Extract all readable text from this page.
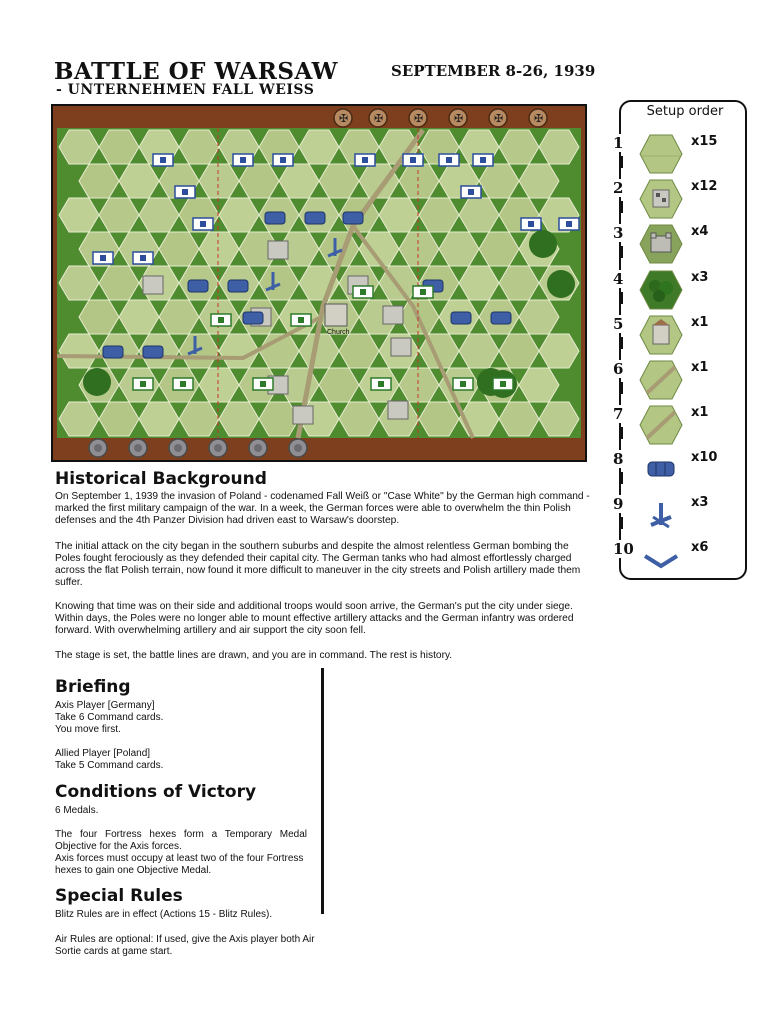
BATTLE OF WARSAW
- UNTERNEHMEN FALL WEISS
SEPTEMBER 8-26, 1939
✠ ✠	✠	✠	✠	✠
Church
Historical Background
On September 1, 1939 the invasion of Poland - codenamed Fall Weiß or "Case White" by the German high command - marked the first military campaign of the war. In a week, the German forces were able to overwhelm the thin Polish defenses and the 4th Panzer Division had driven east to Warsaw's doorstep.
The initial attack on the city began in the southern suburbs and despite the almost relentless German bombing the Poles fought ferociously as they defended their capital city. The German tanks who had almost effortlessly charged across the flat Polish terrain, now found it more difficult to maneuver in the city streets and Polish artillery made them suffer.
Knowing that time was on their side and additional troops would soon arrive, the German's put the city under siege. Within days, the Poles were no longer able to mount effective artillery attacks and the German infantry was ordered forward. With overwhelming artillery and air support the city soon fell.
The stage is set, the battle lines are drawn, and you are in command. The rest is history.
Briefing
Axis Player [Germany]
Take 6 Command cards.
You move first.
Allied Player [Poland]
Take 5 Command cards.
Conditions of Victory
6 Medals.
The four Fortress hexes form a Temporary Medal Objective for the Axis forces.
Axis forces must occupy at least two of the four Fortress hexes to gain one Objective Medal.
Special Rules
Blitz Rules are in effect (Actions 15 - Blitz Rules).
Air Rules are optional: If used, give the Axis player both Air Sortie cards at game start.
Setup order
1	x15
2	x12
3	x4
4	x3
5	x1
6	x1
7	x1
8	x10
9	x3
10	x6
